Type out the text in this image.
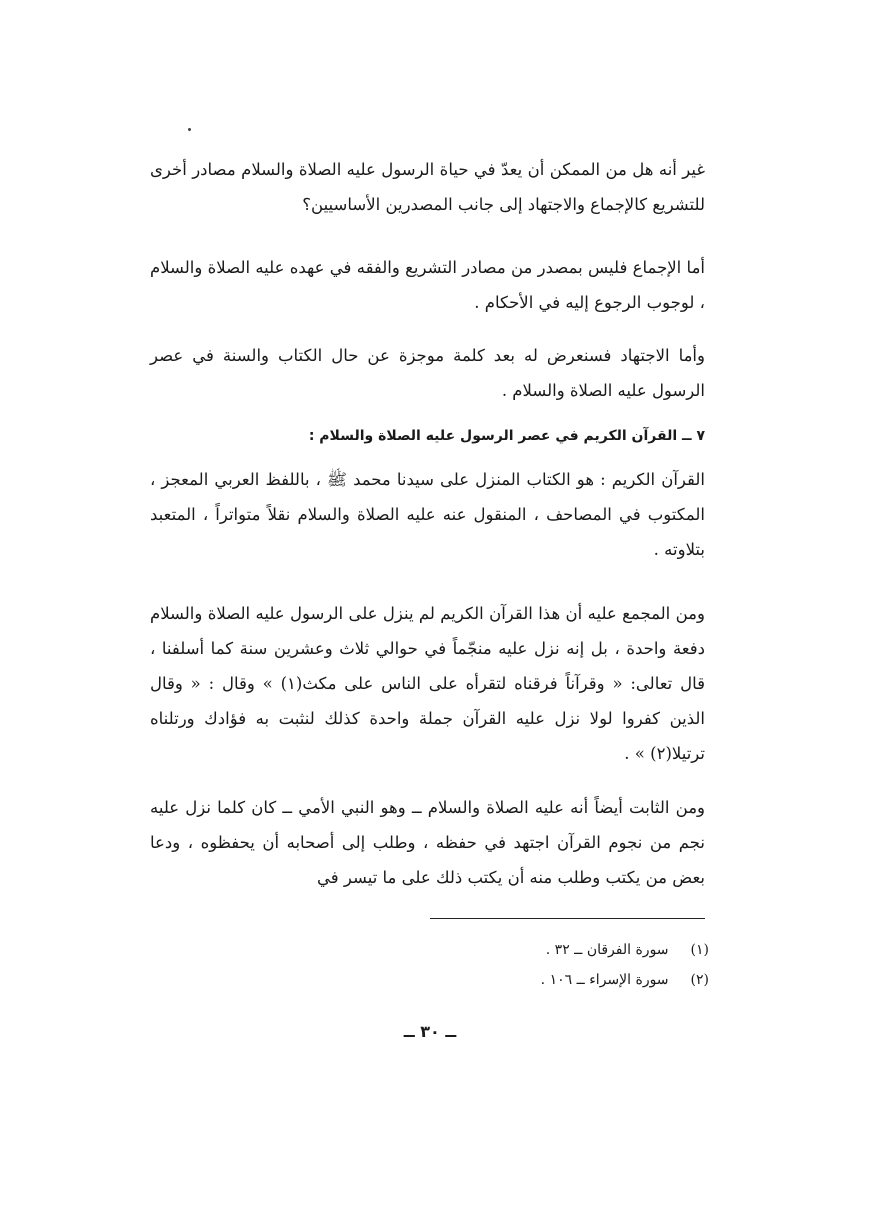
غير أنه هل من الممكن أن يعدّ في حياة الرسول عليه الصلاة والسلام مصادر أخرى للتشريع كالإجماع والاجتهاد إلى جانب المصدرين الأساسيين؟

أما الإجماع فليس بمصدر من مصادر التشريع والفقه في عهده عليه الصلاة والسلام ، لوجوب الرجوع إليه في الأحكام .

وأما الاجتهاد فسنعرض له بعد كلمة موجزة عن حال الكتاب والسنة في عصر الرسول عليه الصلاة والسلام .

٧ ــ القرآن الكريم في عصر الرسول عليه الصلاة والسلام :

القرآن الكريم : هو الكتاب المنزل على سيدنا محمد ﷺ ، باللفظ العربي المعجز ، المكتوب في المصاحف ، المنقول عنه عليه الصلاة والسلام نقلاً متواتراً ، المتعبد بتلاوته .

ومن المجمع عليه أن هذا القرآن الكريم لم ينزل على الرسول عليه الصلاة والسلام دفعة واحدة ، بل إنه نزل عليه منجّماً في حوالي ثلاث وعشرين سنة كما أسلفنا ، قال تعالى: « وقرآناً فرقناه لتقرأه على الناس على مكث(١) » وقال : « وقال الذين كفروا لولا نزل عليه القرآن جملة واحدة كذلك لنثبت به فؤادك ورتلناه ترتيلا(٢) » .

ومن الثابت أيضاً أنه عليه الصلاة والسلام ــ وهو النبي الأمي ــ كان كلما نزل عليه نجم من نجوم القرآن اجتهد في حفظه ، وطلب إلى أصحابه أن يحفظوه ، ودعا بعض من يكتب وطلب منه أن يكتب ذلك على ما تيسر في

(١) سورة الفرقان ــ ٣٢ .
(٢) سورة الإسراء ــ ١٠٦ .
ــ ٣٠ ــ
